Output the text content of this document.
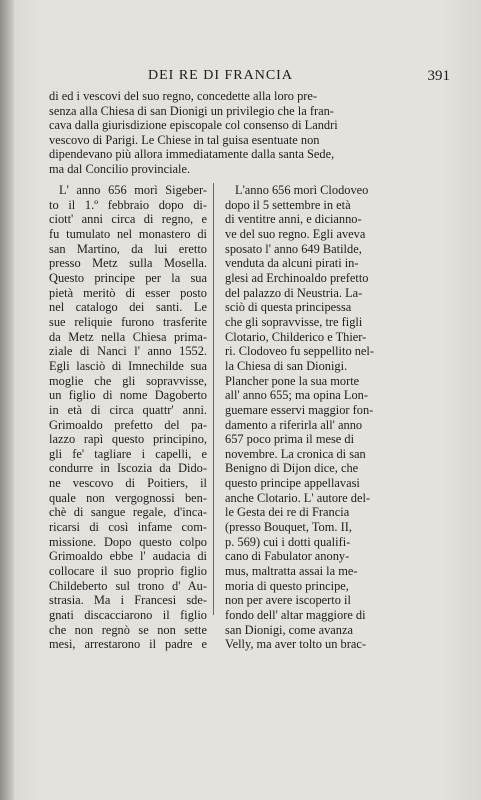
DEI RE DI FRANCIA	391
di ed i vescovi del suo regno, concedette alla loro pre-
senza alla Chiesa di san Dionigi un privilegio che la fran-
cava dalla giurisdizione episcopale col consenso di Landri
vescovo di Parigi. Le Chiese in tal guisa esentuate non
dipendevano più allora immediatamente dalla santa Sede,
ma dal Concilio provinciale.
L' anno 656 morì Sigeber-
to il 1.º febbraio dopo di-
ciott' anni circa di regno, e
fu tumulato nel monastero di
san Martino, da lui eretto
presso Metz sulla Mosella.
Questo principe per la sua
pietà meritò di esser posto
nel catalogo dei santi. Le
sue reliquie furono trasferite
da Metz nella Chiesa prima-
ziale di Nanci l' anno 1552.
Egli lasciò di Imnechilde sua
moglie che gli sopravvisse,
un figlio di nome Dagoberto
in età di circa quattr' anni.
Grimoaldo prefetto del pa-
lazzo rapì questo principino,
gli fe' tagliare i capelli, e
condurre in Iscozia da Dido-
ne vescovo di Poitiers, il
quale non vergognossi ben-
chè di sangue regale, d'inca-
ricarsi di così infame com-
missione. Dopo questo colpo
Grimoaldo ebbe l' audacia di
collocare il suo proprio figlio
Childeberto sul trono d' Au-
strasia. Ma i Francesi sde-
gnati discacciarono il figlio
che non regnò se non sette
mesi, arrestarono il padre e
L'anno 656 morì Clodoveo
dopo il 5 settembre in età
di ventitre anni, e dicianno-
ve del suo regno. Egli aveva
sposato l' anno 649 Batilde,
venduta da alcuni pirati in-
glesi ad Erchinoaldo prefetto
del palazzo di Neustria. La-
sciò di questa principessa
che gli sopravvisse, tre figli
Clotario, Childerico e Thier-
ri. Clodoveo fu seppellito nel-
la Chiesa di san Dionigi.
Plancher pone la sua morte
all' anno 655; ma opina Lon-
guemare esservi maggior fon-
damento a riferirla all' anno
657 poco prima il mese di
novembre. La cronica di san
Benigno di Dijon dice, che
questo principe appellavasi
anche Clotario. L' autore del-
le Gesta dei re di Francia
(presso Bouquet, Tom. II,
p. 569) cui i dotti qualifi-
cano di Fabulator anony-
mus, maltratta assai la me-
moria di questo principe,
non per avere iscoperto il
fondo dell' altar maggiore di
san Dionigi, come avanza
Velly, ma aver tolto un brac-
